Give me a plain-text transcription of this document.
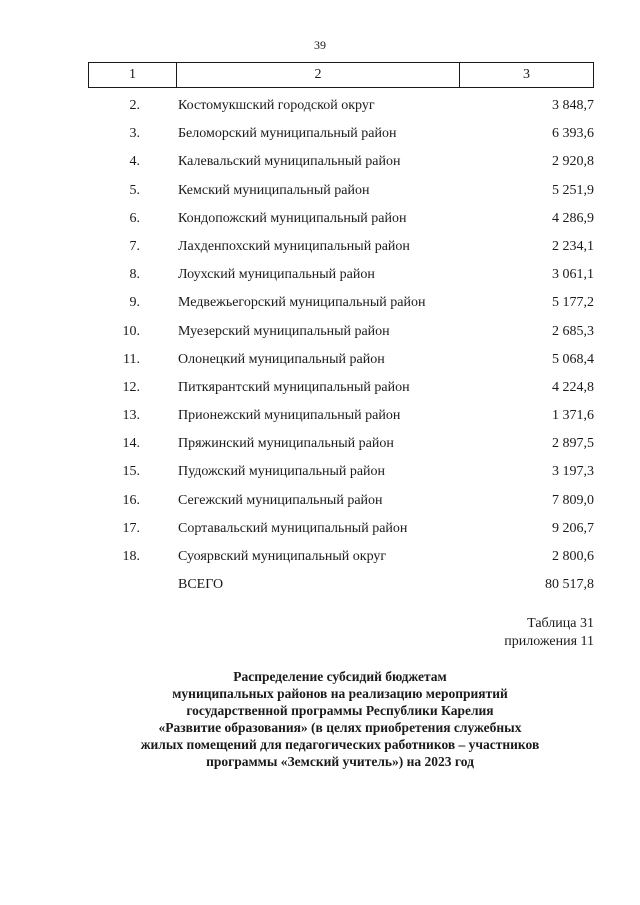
39
1	2	3
2.	Костомукшский городской округ	3 848,7
3.	Беломорский муниципальный район	6 393,6
4.	Калевальский муниципальный район	2 920,8
5.	Кемский муниципальный район	5 251,9
6.	Кондопожский муниципальный район	4 286,9
7.	Лахденпохский муниципальный район	2 234,1
8.	Лоухский муниципальный район	3 061,1
9.	Медвежьегорский муниципальный район	5 177,2
10.	Муезерский муниципальный район	2 685,3
11.	Олонецкий муниципальный район	5 068,4
12.	Питкярантский муниципальный район	4 224,8
13.	Прионежский муниципальный район	1 371,6
14.	Пряжинский муниципальный район	2 897,5
15.	Пудожский муниципальный район	3 197,3
16.	Сегежский муниципальный район	7 809,0
17.	Сортавальский муниципальный район	9 206,7
18.	Суоярвский муниципальный округ	2 800,6
ВСЕГО	80 517,8
Таблица 31
приложения 11
Распределение субсидий бюджетам
муниципальных районов на реализацию мероприятий
государственной программы Республики Карелия
«Развитие образования» (в целях приобретения служебных
жилых помещений для педагогических работников – участников
программы «Земский учитель») на 2023 год
